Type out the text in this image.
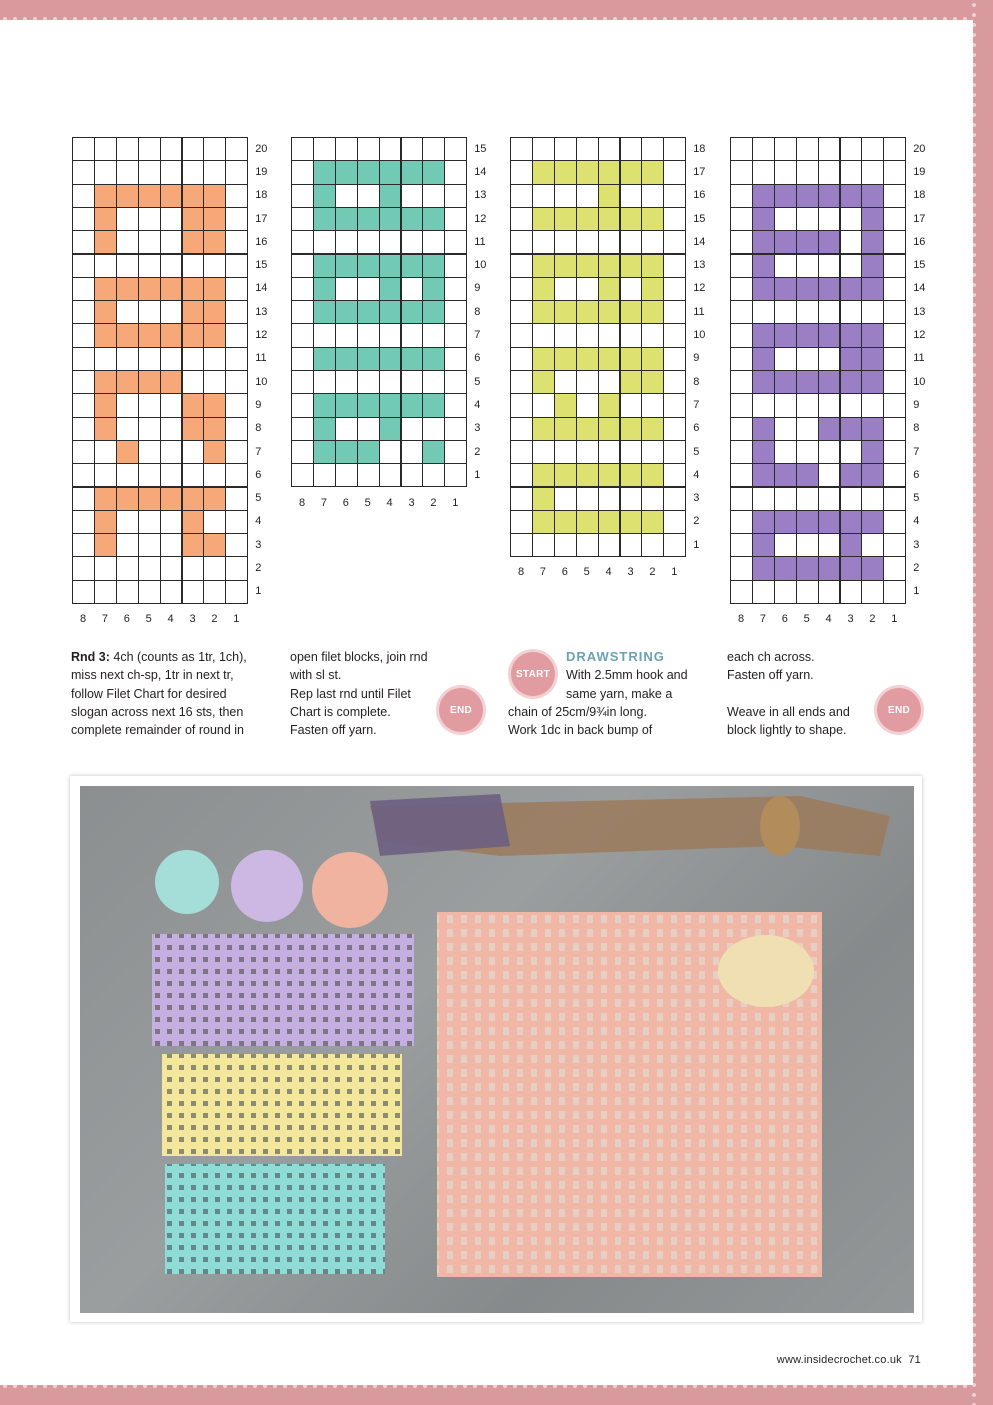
20
19
18
17
16
15
14
13
12
11
10
9
8
7
6
5
4
3
2
1
8 7 6 5 4 3 2 1
15
14
13
12
11
10
9
8
7
6
5
4
3
2
1
8 7 6 5 4 3 2 1
18
17
16
15
14
13
12
11
10
9
8
7
6
5
4
3
2
1
8 7 6 5 4 3 2 1
20
19
18
17
16
15
14
13
12
11
10
9
8
7
6
5
4
3
2
1
8 7 6 5 4 3 2 1
Rnd 3: 4ch (counts as 1tr, 1ch),
miss next ch-sp, 1tr in next tr,
follow Filet Chart for desired
slogan across next 16 sts, then
complete remainder of round in
open filet blocks, join rnd
with sl st.
Rep last rnd until Filet
Chart is complete.
Fasten off yarn.
END
START
DRAWSTRING
With 2.5mm hook and
same yarn, make a
chain of 25cm/9¾in long.
Work 1dc in back bump of
each ch across.
Fasten off yarn.

Weave in all ends and
block lightly to shape.
END
www.insidecrochet.co.uk 71
